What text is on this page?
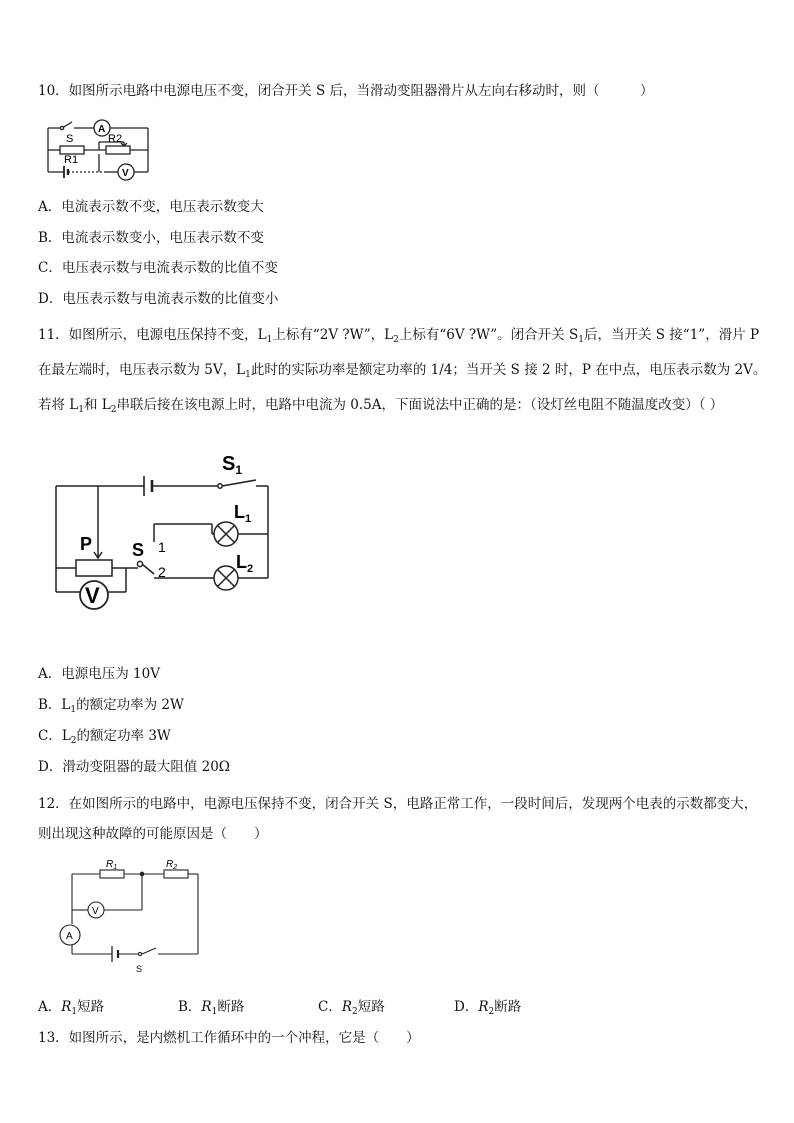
10．如图所示电路中电源电压不变，闭合开关 S 后，当滑动变阻器滑片从左向右移动时，则（　　　）
S
A
R1
R2
V
A．电流表示数不变，电压表示数变大
B．电流表示数变小，电压表示数不变
C．电压表示数与电流表示数的比值不变
D．电压表示数与电流表示数的比值变小
11．如图所示，电源电压保持不变，$L_1$上标有“2V ?W”，$L_2$上标有“6V ?W”。闭合开关 $S_1$后，当开关 S 接“1”，滑片 P 在最左端时，电压表示数为 5V，$L_1$此时的实际功率是额定功率的 1/4；当开关 S 接 2 时，P 在中点，电压表示数为 2V。若将 $L_1$和 $L_2$串联后接在该电源上时，电路中电流为 0.5A，下面说法中正确的是：（设灯丝电阻不随温度改变）（ ）
$S_1$
$L_1$
$L_2$
P S 1
2
V
A．电源电压为 10V
B．$L_1$的额定功率为 2W
C．$L_2$的额定功率 3W
D．滑动变阻器的最大阻值 20Ω
12．在如图所示的电路中，电源电压保持不变，闭合开关 S，电路正常工作，一段时间后，发现两个电表的示数都变大，则出现这种故障的可能原因是（　　）
$R_1$	$R_2$
V
A
S
A．$R_1$短路	B．$R_1$断路	C．$R_2$短路	D．$R_2$断路
13．如图所示，是内燃机工作循环中的一个冲程，它是（　　）
